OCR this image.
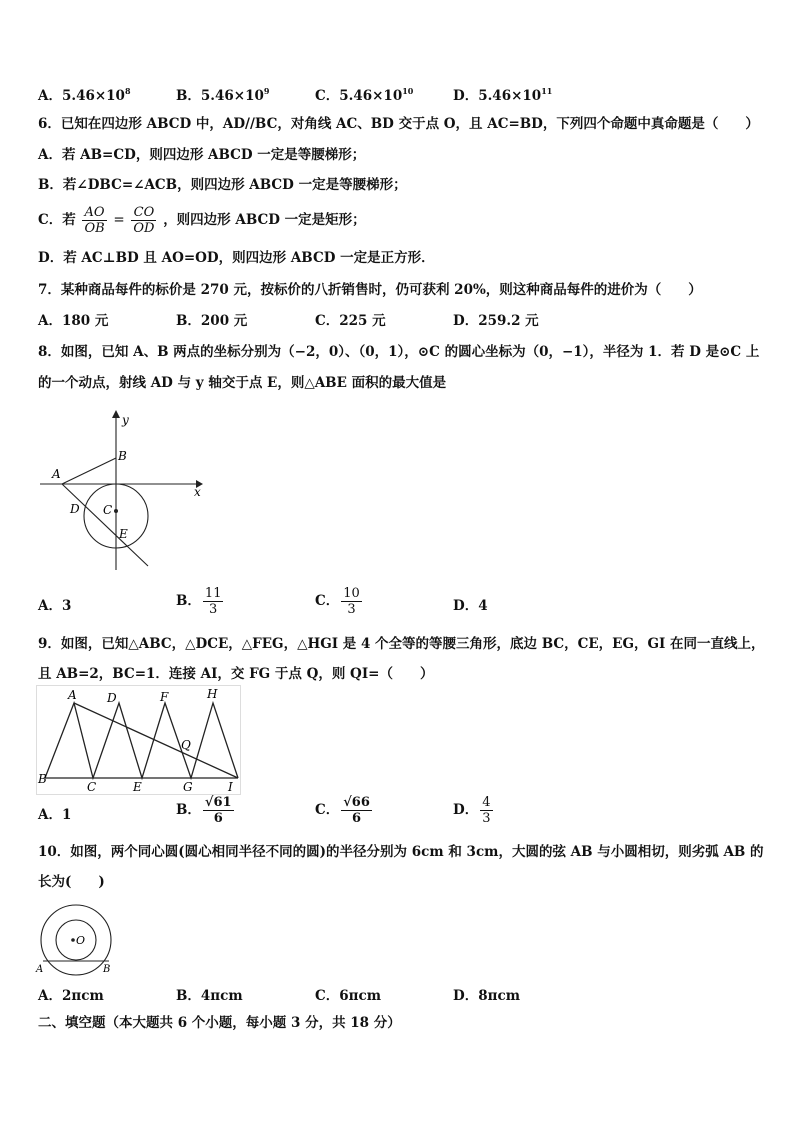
A．$5.46\times 10^8$	B．$5.46\times 10^9$	C．$5.46\times 10^{10}$	D．$5.46\times 10^{11}$
6．已知在四边形 ABCD 中，AD//BC，对角线 AC、BD 交于点 O，且 AC=BD，下列四个命题中真命题是（　　）
A．若 AB=CD，则四边形 ABCD 一定是等腰梯形；
B．若∠DBC=∠ACB，则四边形 ABCD 一定是等腰梯形；
C．若 $\frac{AO}{OB} = \frac{CO}{OD}$ ，则四边形 ABCD 一定是矩形；
D．若 AC⊥BD 且 AO=OD，则四边形 ABCD 一定是正方形．
7．某种商品每件的标价是 270 元，按标价的八折销售时，仍可获利 20%，则这种商品每件的进价为（　　）
A．180 元	B．200 元	C．225 元	D．259.2 元
8．如图，已知 A、B 两点的坐标分别为（−2，0）、（0，1），⊙C 的圆心坐标为（0，−1），半径为 1．若 D 是⊙C 上
的一个动点，射线 AD 与 y 轴交于点 E，则△ABE 面积的最大值是
y
x
A
B
C
D
E
A．3	B． $\frac{11}{3}$	C． $\frac{10}{3}$	D．4
9．如图，已知△ABC，△DCE，△FEG，△HGI 是 4 个全等的等腰三角形，底边 BC，CE，EG，GI 在同一直线上，
且 AB=2，BC=1．连接 AI，交 FG 于点 Q，则 QI=（　　）
A	D	F	H
Q
B
C	E	G	I
A．1	B． $\frac{√61}{6}$	C． $\frac{√66}{6}$	D． $\frac{4}{3}$
10．如图，两个同心圆(圆心相同半径不同的圆)的半径分别为 6cm 和 3cm，大圆的弦 AB 与小圆相切，则劣弧 AB 的
长为(　　)
O
A	B
A．2πcm	B．4πcm	C．6πcm	D．8πcm
二、填空题（本大题共 6 个小题，每小题 3 分，共 18 分）
